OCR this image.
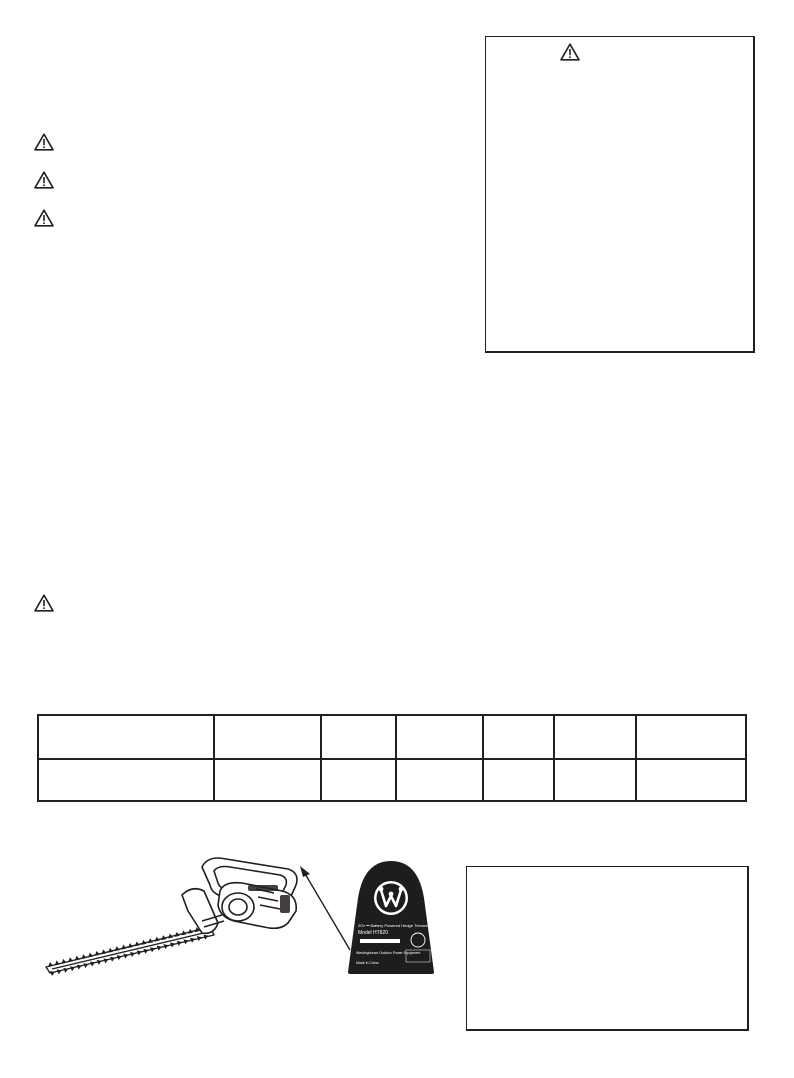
20V ⎓ Battery Powered Hedge Trimmer
Model HT820
Westinghouse Outdoor Power Equipment
Made in China
